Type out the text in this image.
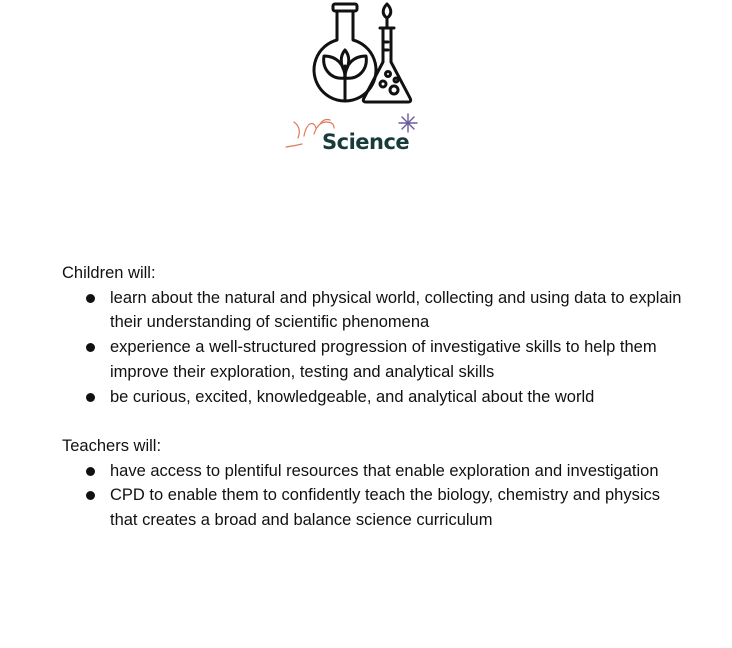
Science

Children will:

learn about the natural and physical world, collecting and using data to explain their understanding of scientific phenomena
experience a well-structured progression of investigative skills to help them improve their exploration, testing and analytical skills
be curious, excited, knowledgeable, and analytical about the world

Teachers will:

have access to plentiful resources that enable exploration and investigation
CPD to enable them to confidently teach the biology, chemistry and physics that creates a broad and balance science curriculum
